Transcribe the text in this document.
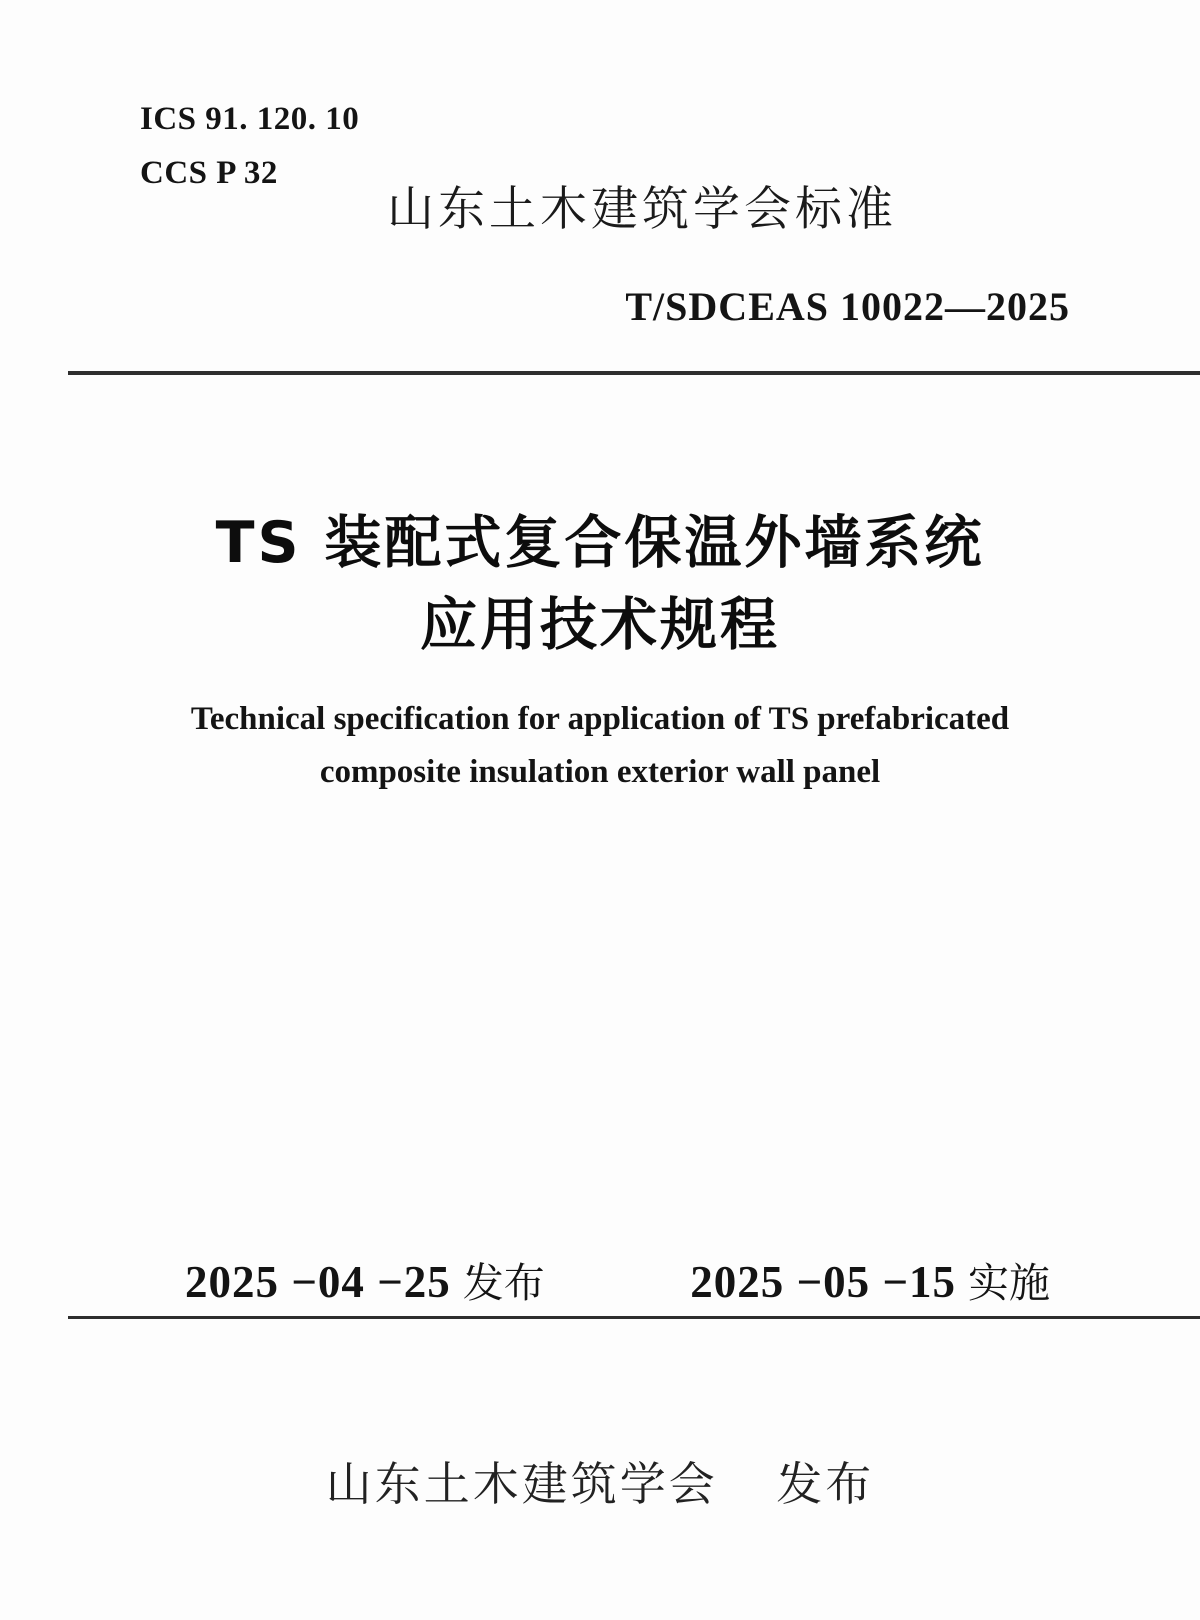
ICS 91. 120. 10
CCS P 32
山东土木建筑学会标准
T/SDCEAS 10022—2025
TS 装配式复合保温外墙系统
应用技术规程
Technical specification for application of TS prefabricated
composite insulation exterior wall panel
2025 −04 −25 发布	2025 −05 −15 实施
山东土木建筑学会 发布
